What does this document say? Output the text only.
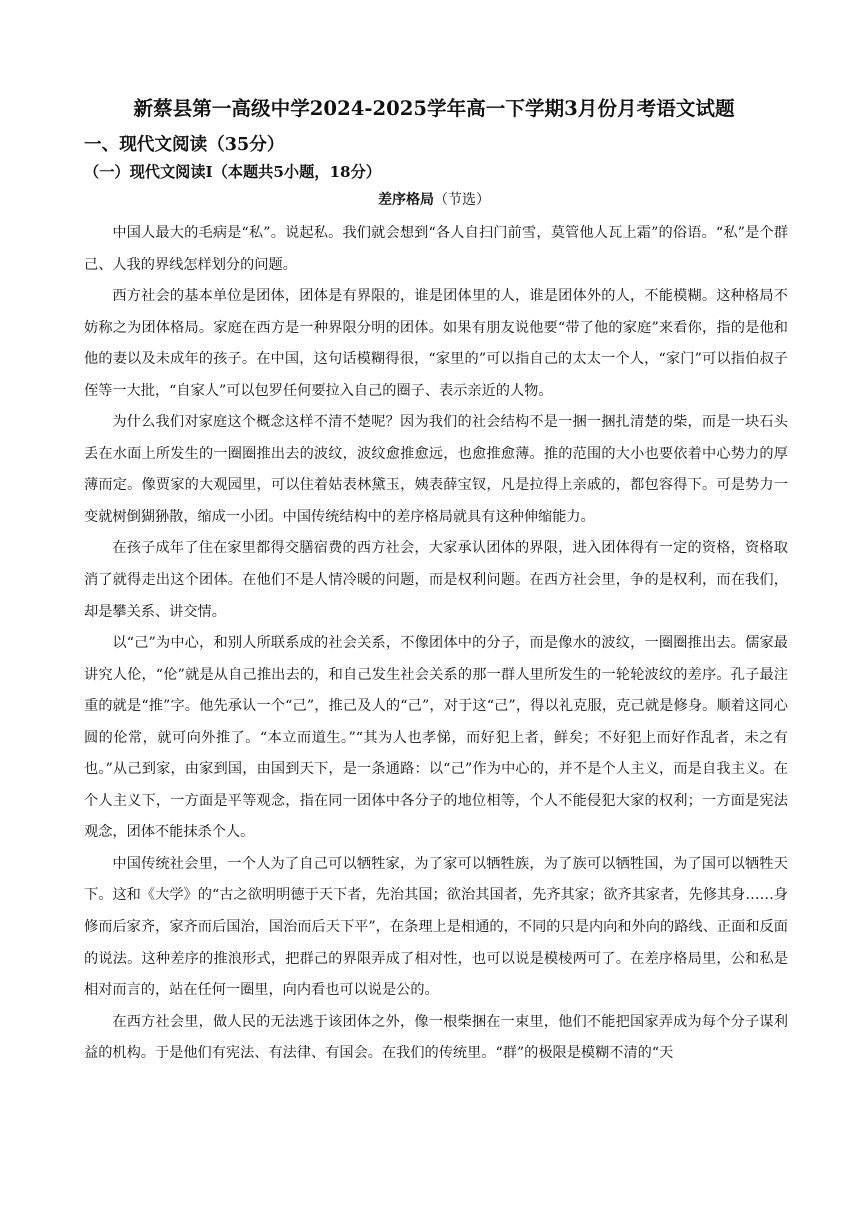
新蔡县第一高级中学2024-2025学年高一下学期3月份月考语文试题
一、现代文阅读（35分）
（一）现代文阅读I（本题共5小题，18分）
差序格局（节选）

中国人最大的毛病是“私”。说起私。我们就会想到“各人自扫门前雪，莫管他人瓦上霜”的俗语。“私”是个群己、人我的界线怎样划分的问题。

西方社会的基本单位是团体，团体是有界限的，谁是团体里的人，谁是团体外的人，不能模糊。这种格局不妨称之为团体格局。家庭在西方是一种界限分明的团体。如果有朋友说他要“带了他的家庭”来看你，指的是他和他的妻以及未成年的孩子。在中国，这句话模糊得很，“家里的”可以指自己的太太一个人，“家门”可以指伯叔子侄等一大批，“自家人”可以包罗任何要拉入自己的圈子、表示亲近的人物。

为什么我们对家庭这个概念这样不清不楚呢？因为我们的社会结构不是一捆一捆扎清楚的柴，而是一块石头丢在水面上所发生的一圈圈推出去的波纹，波纹愈推愈远，也愈推愈薄。推的范围的大小也要依着中心势力的厚薄而定。像贾家的大观园里，可以住着姑表林黛玉，姨表薛宝钗，凡是拉得上亲戚的，都包容得下。可是势力一变就树倒猢狲散，缩成一小团。中国传统结构中的差序格局就具有这种伸缩能力。

在孩子成年了住在家里都得交膳宿费的西方社会，大家承认团体的界限，进入团体得有一定的资格，资格取消了就得走出这个团体。在他们不是人情冷暖的问题，而是权利问题。在西方社会里，争的是权利，而在我们，却是攀关系、讲交情。

以“己”为中心，和别人所联系成的社会关系，不像团体中的分子，而是像水的波纹，一圈圈推出去。儒家最讲究人伦，“伦”就是从自己推出去的，和自己发生社会关系的那一群人里所发生的一轮轮波纹的差序。孔子最注重的就是“推”字。他先承认一个“己”，推己及人的“己”，对于这“己”，得以礼克服，克己就是修身。顺着这同心圆的伦常，就可向外推了。“本立而道生。”“其为人也孝悌，而好犯上者，鲜矣；不好犯上而好作乱者，未之有也。”从己到家，由家到国，由国到天下，是一条通路：以“己”作为中心的，并不是个人主义，而是自我主义。在个人主义下，一方面是平等观念，指在同一团体中各分子的地位相等，个人不能侵犯大家的权利；一方面是宪法观念，团体不能抹杀个人。

中国传统社会里，一个人为了自己可以牺牲家，为了家可以牺牲族，为了族可以牺牲国，为了国可以牺牲天下。这和《大学》的“古之欲明明德于天下者，先治其国；欲治其国者，先齐其家；欲齐其家者，先修其身……身修而后家齐，家齐而后国治，国治而后天下平”，在条理上是相通的，不同的只是内向和外向的路线、正面和反面的说法。这种差序的推浪形式，把群己的界限弄成了相对性，也可以说是模棱两可了。在差序格局里，公和私是相对而言的，站在任何一圈里，向内看也可以说是公的。

在西方社会里，做人民的无法逃于该团体之外，像一根柴捆在一束里，他们不能把国家弄成为每个分子谋利益的机构。于是他们有宪法、有法律、有国会。在我们的传统里。“群”的极限是模糊不清的“天
